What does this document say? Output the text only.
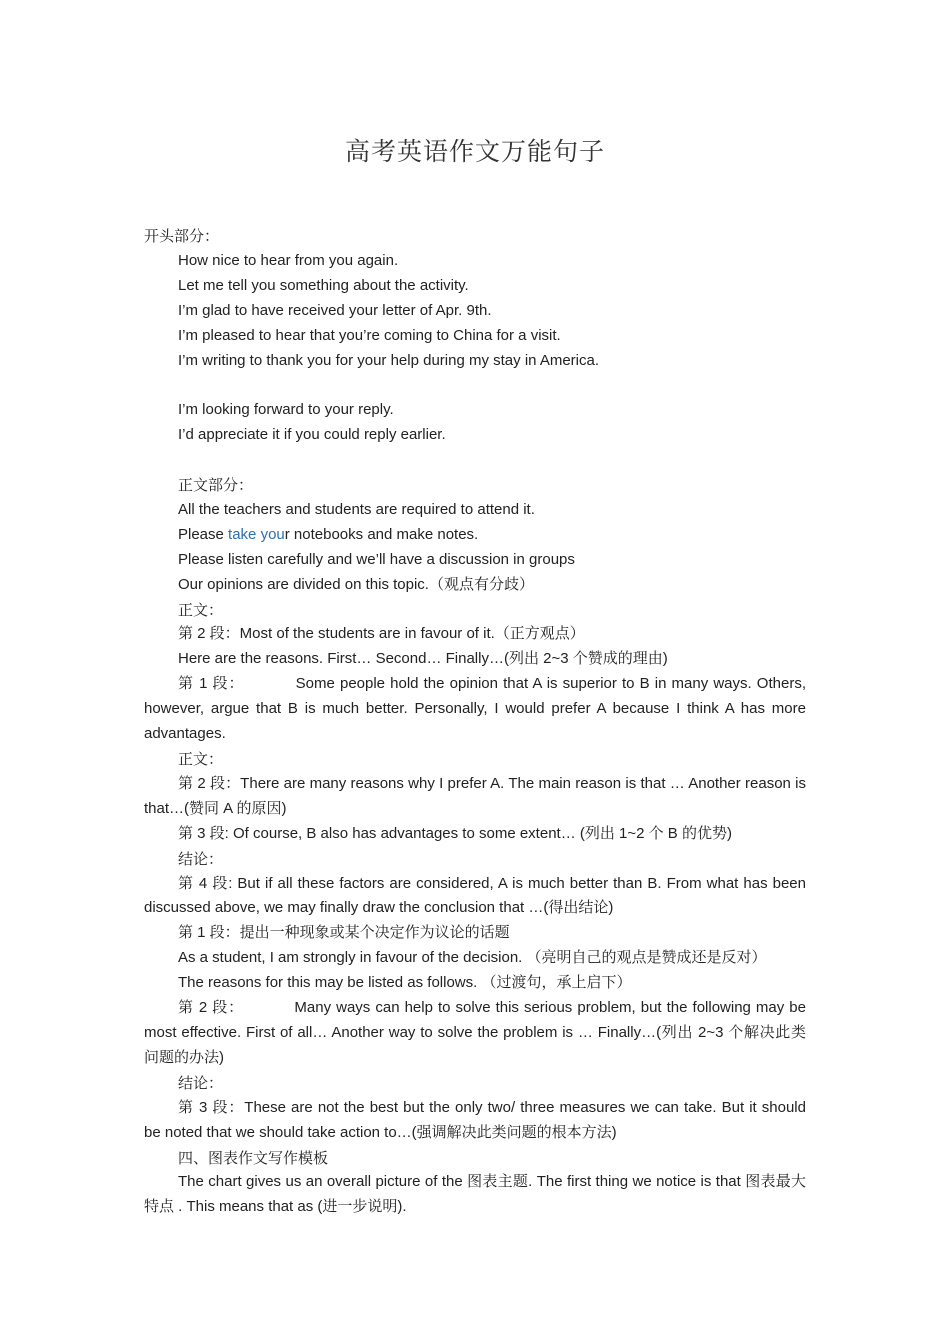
高考英语作文万能句子

开头部分：

How nice to hear from you again.

Let me tell you something about the activity.

I’m glad to have received your letter of Apr. 9th.

I’m pleased to hear that you’re coming to China for a visit.

I’m writing to thank you for your help during my stay in America.

I’m looking forward to your reply.

I’d appreciate it if you could reply earlier.

正文部分：

All the teachers and students are required to attend it.

Please take your notebooks and make notes.

Please listen carefully and we’ll have a discussion in groups

Our opinions are divided on this topic.（观点有分歧）

正文：

第 2 段：Most of the students are in favour of it.（正方观点）

Here are the reasons. First… Second… Finally…(列出 2~3 个赞成的理由)

第 1 段：          Some people hold the opinion that A is superior to B in many ways. Others, however, argue that B is much better. Personally, I would prefer A because I think A has more advantages.

正文：

第 2 段：There are many reasons why I prefer A. The main reason is that … Another reason is that…(赞同 A 的原因)

第 3 段: Of course, B also has advantages to some extent… (列出 1~2 个 B 的优势)

结论：

第 4 段: But if all these factors are considered, A is much better than B. From what has been discussed above, we may finally draw the conclusion that …(得出结论)

第 1 段：提出一种现象或某个决定作为议论的话题

As a student, I am strongly in favour of the decision. （亮明自己的观点是赞成还是反对）

The reasons for this may be listed as follows. （过渡句，承上启下）

第 2 段：          Many ways can help to solve this serious problem, but the following may be most effective. First of all… Another way to solve the problem is … Finally…(列出 2~3 个解决此类问题的办法)

结论：

第 3 段：These are not the best but the only two/ three measures we can take. But it should be noted that we should take action to…(强调解决此类问题的根本方法)

四、图表作文写作模板

The chart gives us an overall picture of the 图表主题. The first thing we notice is that 图表最大特点 . This means that as (进一步说明).
